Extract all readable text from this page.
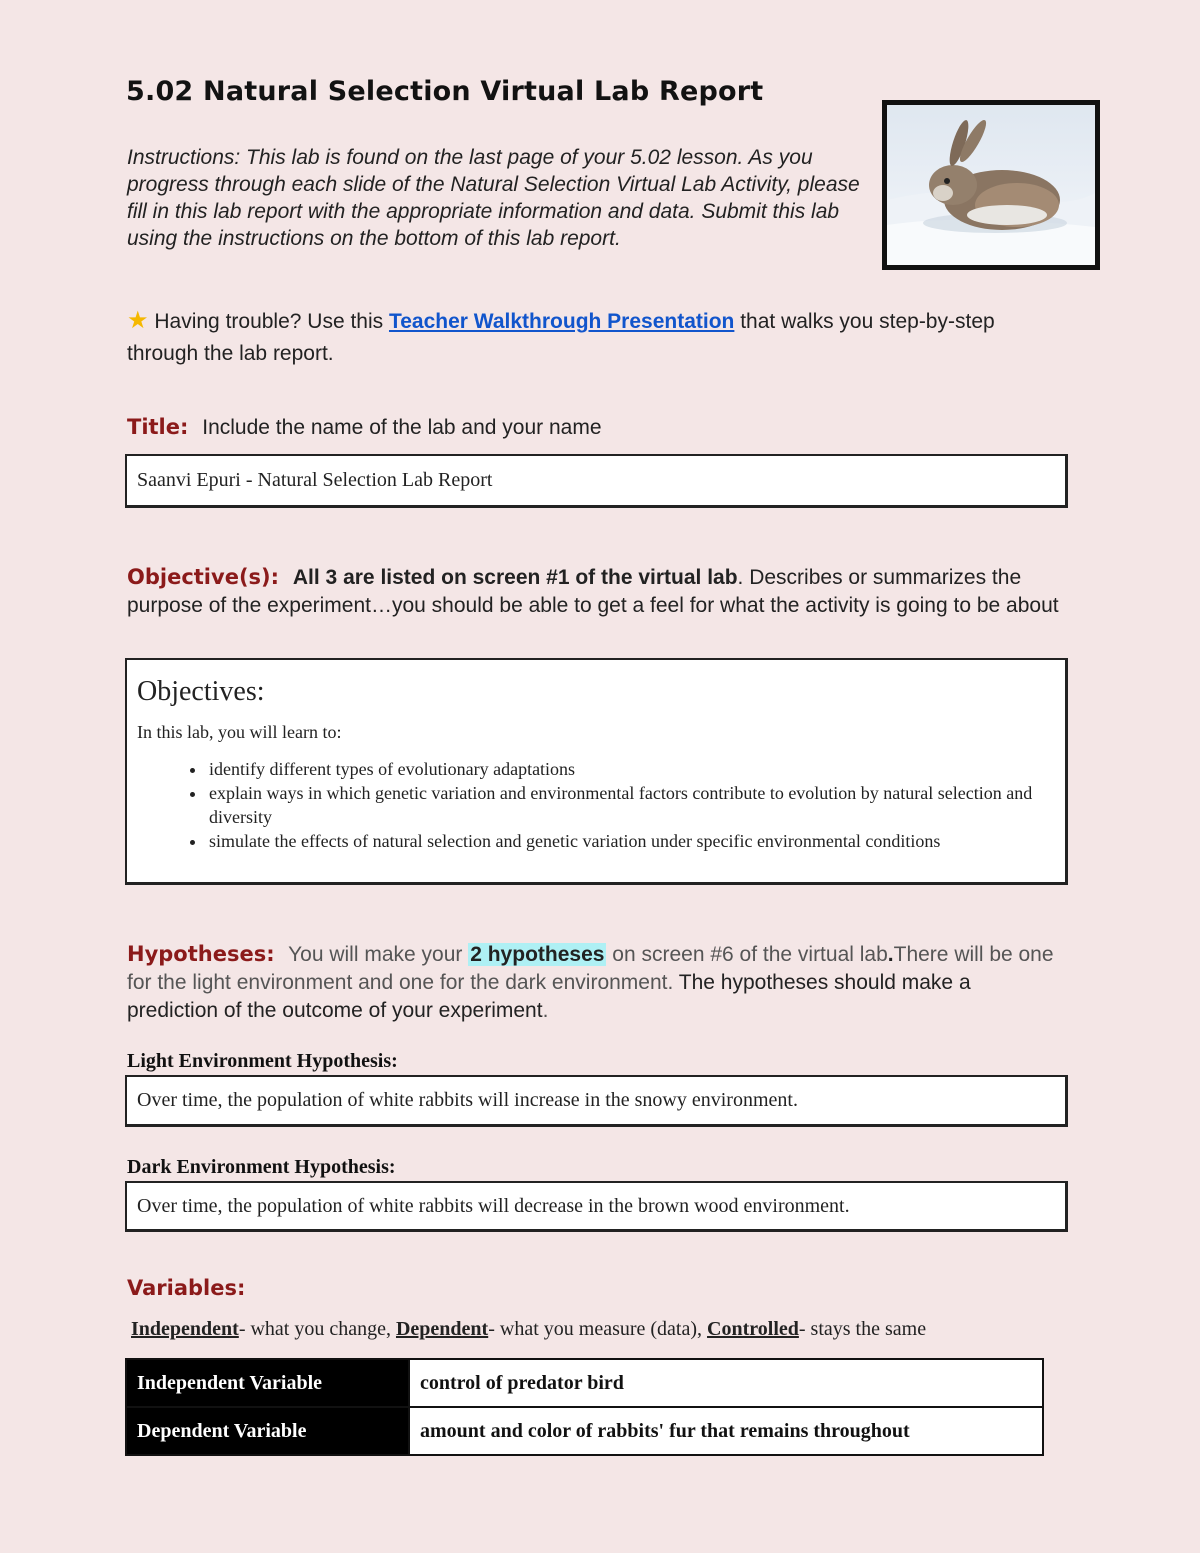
5.02 Natural Selection Virtual Lab Report
Instructions: This lab is found on the last page of your 5.02 lesson. As you progress through each slide of the Natural Selection Virtual Lab Activity, please fill in this lab report with the appropriate information and data. Submit this lab using the instructions on the bottom of this lab report.
★ Having trouble? Use this Teacher Walkthrough Presentation that walks you step-by-step through the lab report.
Title: Include the name of the lab and your name
Saanvi Epuri - Natural Selection Lab Report
Objective(s): All 3 are listed on screen #1 of the virtual lab. Describes or summarizes the purpose of the experiment…you should be able to get a feel for what the activity is going to be about
Objectives:
In this lab, you will learn to:
• identify different types of evolutionary adaptations
• explain ways in which genetic variation and environmental factors contribute to evolution by natural selection and diversity
• simulate the effects of natural selection and genetic variation under specific environmental conditions
Hypotheses: You will make your 2 hypotheses on screen #6 of the virtual lab.There will be one for the light environment and one for the dark environment. The hypotheses should make a prediction of the outcome of your experiment.
Light Environment Hypothesis:
Over time, the population of white rabbits will increase in the snowy environment.
Dark Environment Hypothesis:
Over time, the population of white rabbits will decrease in the brown wood environment.
Variables:
Independent- what you change, Dependent- what you measure (data), Controlled- stays the same
Independent Variable	control of predator bird
Dependent Variable	amount and color of rabbits' fur that remains throughout
